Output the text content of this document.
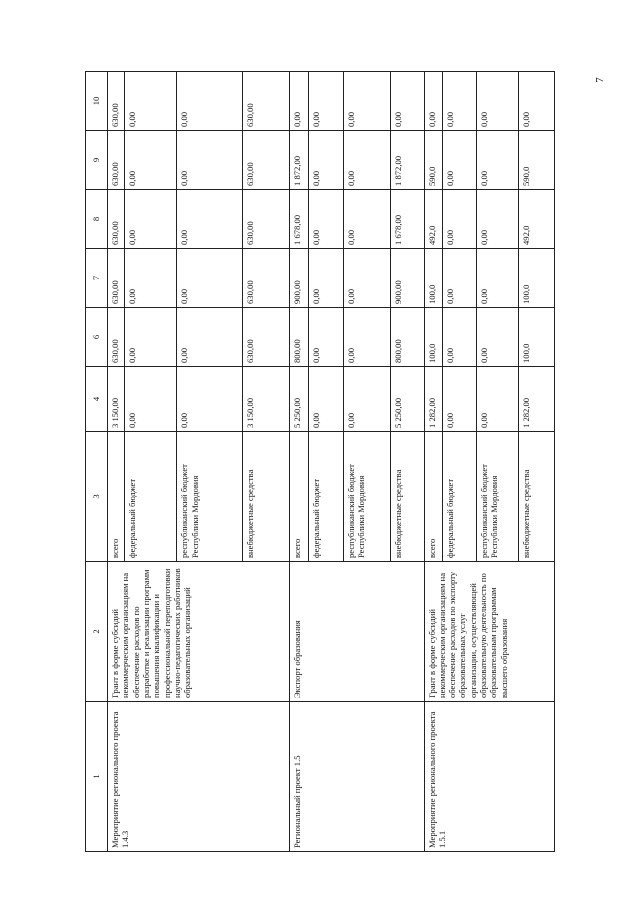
7
1	2	3	4	6	7	8	9	10
Мероприятие регионального проекта 1.4.3	Грант в форме субсидий некоммерческим организациям на обеспечение расходов по разработке и реализации программ повышения квалификации и профессиональной переподготовки научно-педагогических работников образовательных организаций	всего	3 150,00	630,00	630,00	630,00	630,00	630,00
		федеральный бюджет	0,00	0,00	0,00	0,00	0,00	0,00
		республиканский бюджет Республики Мордовия	0,00	0,00	0,00	0,00	0,00	0,00
		внебюджетные средства	3 150,00	630,00	630,00	630,00	630,00	630,00
Региональный проект 1.5	Экспорт образования	всего	5 250,00	800,00	900,00	1 678,00	1 872,00	0,00
		федеральный бюджет	0,00	0,00	0,00	0,00	0,00	0,00
		республиканский бюджет Республики Мордовия	0,00	0,00	0,00	0,00	0,00	0,00
		внебюджетные средства	5 250,00	800,00	900,00	1 678,00	1 872,00	0,00
Мероприятие регионального проекта 1.5.1	Грант в форме субсидий некоммерческим организациям на обеспечение расходов по экспорту образовательных услуг организации, осуществляющей образовательную деятельность по образовательным программам высшего образования	всего	1 282,00	100,0	100,0	492,0	590,0	0,00
		федеральный бюджет	0,00	0,00	0,00	0,00	0,00	0,00
		республиканский бюджет Республики Мордовия	0,00	0,00	0,00	0,00	0,00	0,00
		внебюджетные средства	1 282,00	100,0	100,0	492,0	590,0	0,00
